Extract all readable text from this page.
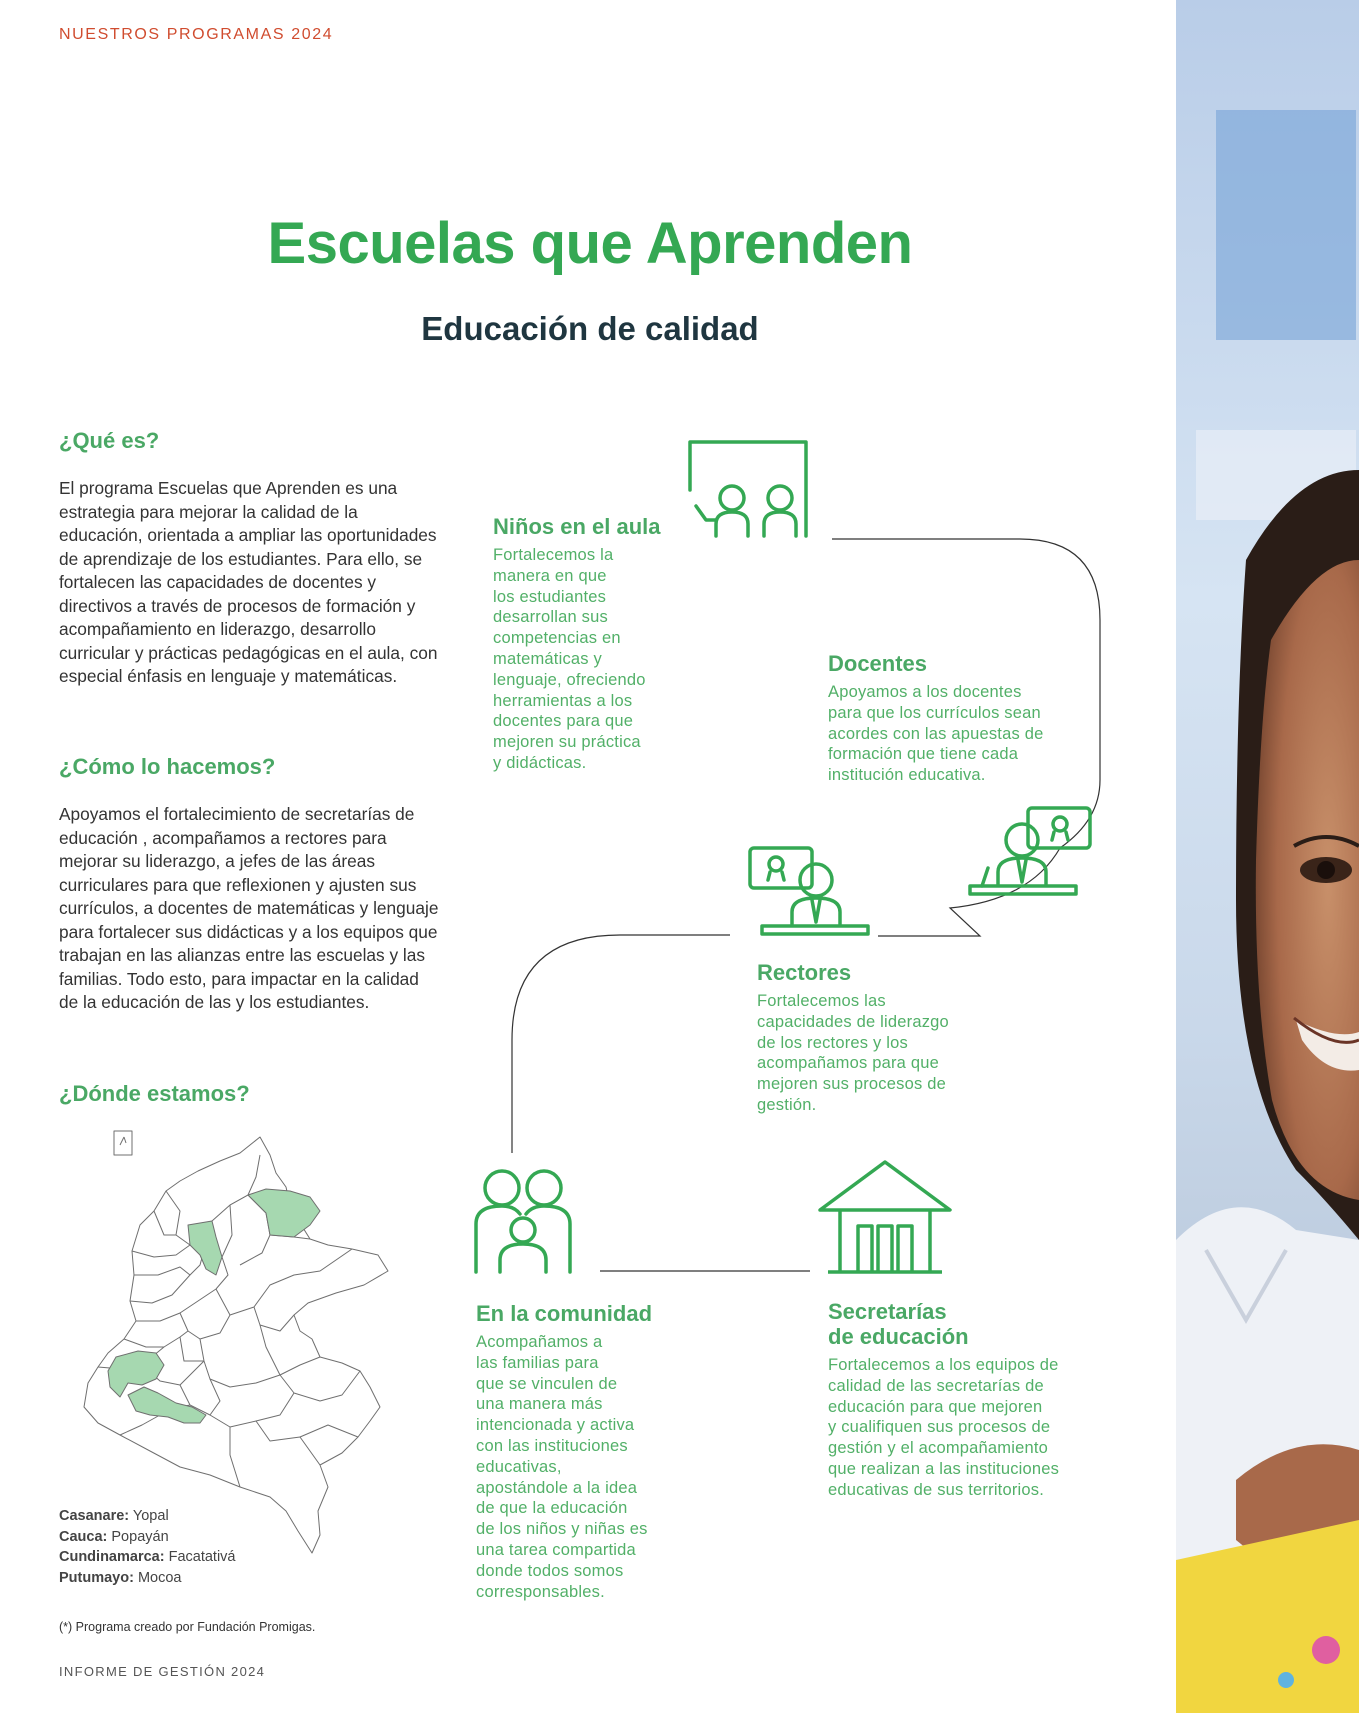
NUESTROS PROGRAMAS 2024
Escuelas que Aprenden
Educación de calidad
¿Qué es?
El programa Escuelas que Aprenden es una estrategia para mejorar la calidad de la educación, orientada a ampliar las oportunidades de aprendizaje de los estudiantes. Para ello, se fortalecen las capacidades de docentes y directivos a través de procesos de formación y acompañamiento en liderazgo, desarrollo curricular y prácticas pedagógicas en el aula, con especial énfasis en lenguaje y matemáticas.
¿Cómo lo hacemos?
Apoyamos el fortalecimiento de secretarías de educación , acompañamos a rectores para mejorar su liderazgo, a jefes de las áreas curriculares para que reflexionen y ajusten sus currículos, a docentes de matemáticas y lenguaje para fortalecer sus didácticas y a los equipos que trabajan en las alianzas entre las escuelas y las familias. Todo esto, para impactar en la calidad de la educación de las y los estudiantes.
¿Dónde estamos?
Casanare: Yopal
Cauca: Popayán
Cundinamarca: Facatativá
Putumayo: Mocoa
(*) Programa creado por Fundación Promigas.
INFORME DE GESTIÓN 2024
Niños en el aula
Fortalecemos la
manera en que
los estudiantes
desarrollan sus
competencias en
matemáticas y
lenguaje, ofreciendo
herramientas a los
docentes para que
mejoren su práctica
y didácticas.
Docentes
Apoyamos a los docentes
para que los currículos sean
acordes con las apuestas de
formación que tiene cada
institución educativa.
Rectores
Fortalecemos las
capacidades de liderazgo
de los rectores y los
acompañamos para que
mejoren sus procesos de
gestión.
En la comunidad
Acompañamos a
las familias para
que se vinculen de
una manera más
intencionada y activa
con las instituciones
educativas,
apostándole a la idea
de que la educación
de los niños y niñas es
una tarea compartida
donde todos somos
corresponsables.
Secretarías
de educación
Fortalecemos a los equipos de
calidad de las secretarías de
educación para que mejoren
y cualifiquen sus procesos de
gestión y el acompañamiento
que realizan a las instituciones
educativas de sus territorios.
